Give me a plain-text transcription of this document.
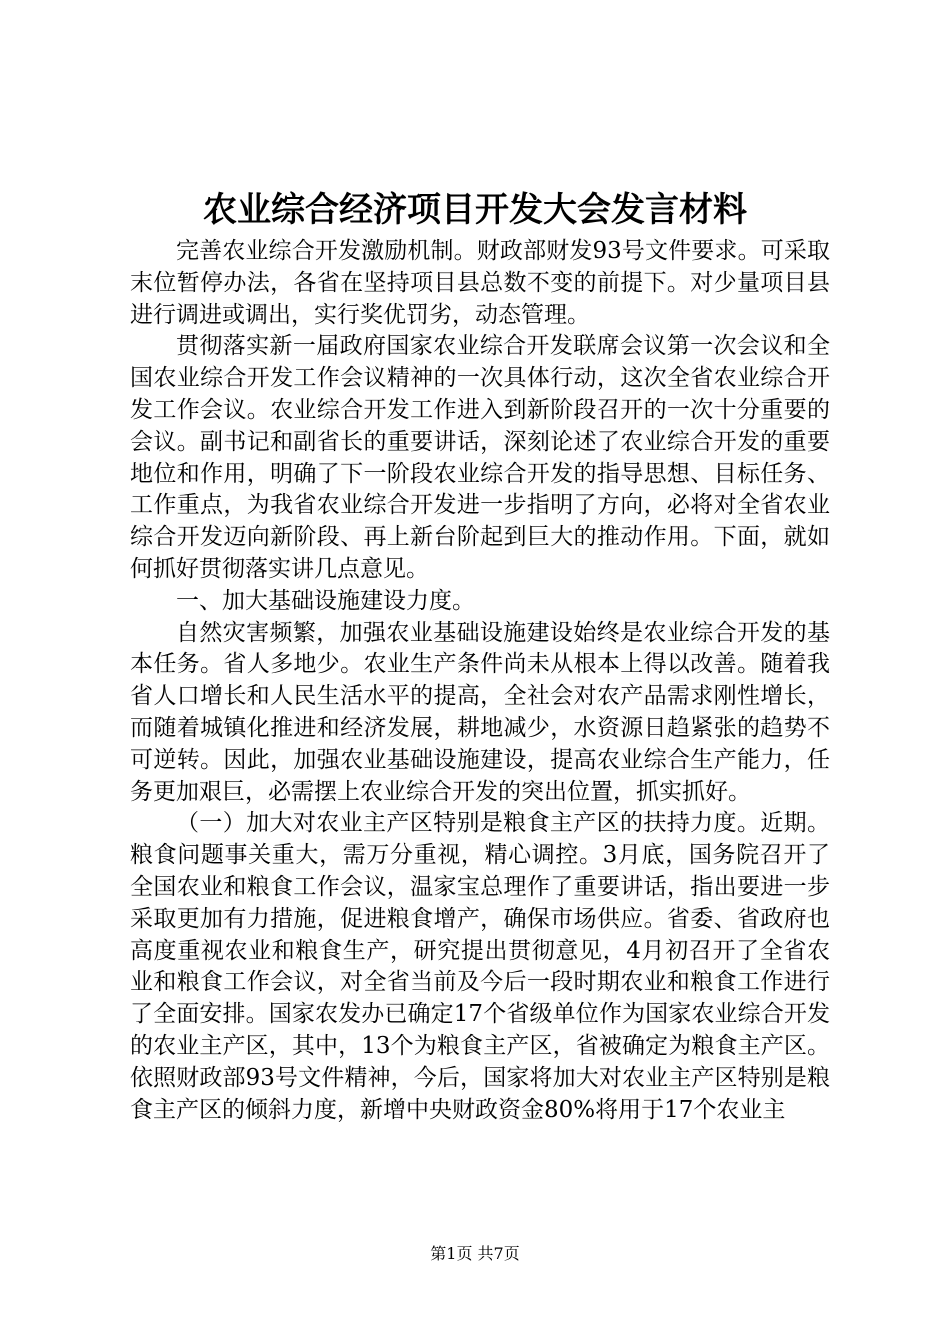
农业综合经济项目开发大会发言材料

完善农业综合开发激励机制。财政部财发93号文件要求。可采取末位暂停办法，各省在坚持项目县总数不变的前提下。对少量项目县进行调进或调出，实行奖优罚劣，动态管理。

贯彻落实新一届政府国家农业综合开发联席会议第一次会议和全国农业综合开发工作会议精神的一次具体行动，这次全省农业综合开发工作会议。农业综合开发工作进入到新阶段召开的一次十分重要的会议。副书记和副省长的重要讲话，深刻论述了农业综合开发的重要地位和作用，明确了下一阶段农业综合开发的指导思想、目标任务、工作重点，为我省农业综合开发进一步指明了方向，必将对全省农业综合开发迈向新阶段、再上新台阶起到巨大的推动作用。下面，就如何抓好贯彻落实讲几点意见。

一、加大基础设施建设力度。

自然灾害频繁，加强农业基础设施建设始终是农业综合开发的基本任务。省人多地少。农业生产条件尚未从根本上得以改善。随着我省人口增长和人民生活水平的提高，全社会对农产品需求刚性增长，而随着城镇化推进和经济发展，耕地减少，水资源日趋紧张的趋势不可逆转。因此，加强农业基础设施建设，提高农业综合生产能力，任务更加艰巨，必需摆上农业综合开发的突出位置，抓实抓好。

（一）加大对农业主产区特别是粮食主产区的扶持力度。近期。粮食问题事关重大，需万分重视，精心调控。3月底，国务院召开了全国农业和粮食工作会议，温家宝总理作了重要讲话，指出要进一步采取更加有力措施，促进粮食增产，确保市场供应。省委、省政府也高度重视农业和粮食生产，研究提出贯彻意见，4月初召开了全省农业和粮食工作会议，对全省当前及今后一段时期农业和粮食工作进行了全面安排。国家农发办已确定17个省级单位作为国家农业综合开发的农业主产区，其中，13个为粮食主产区，省被确定为粮食主产区。依照财政部93号文件精神，今后，国家将加大对农业主产区特别是粮食主产区的倾斜力度，新增中央财政资金80%将用于17个农业主

第1页 共7页
